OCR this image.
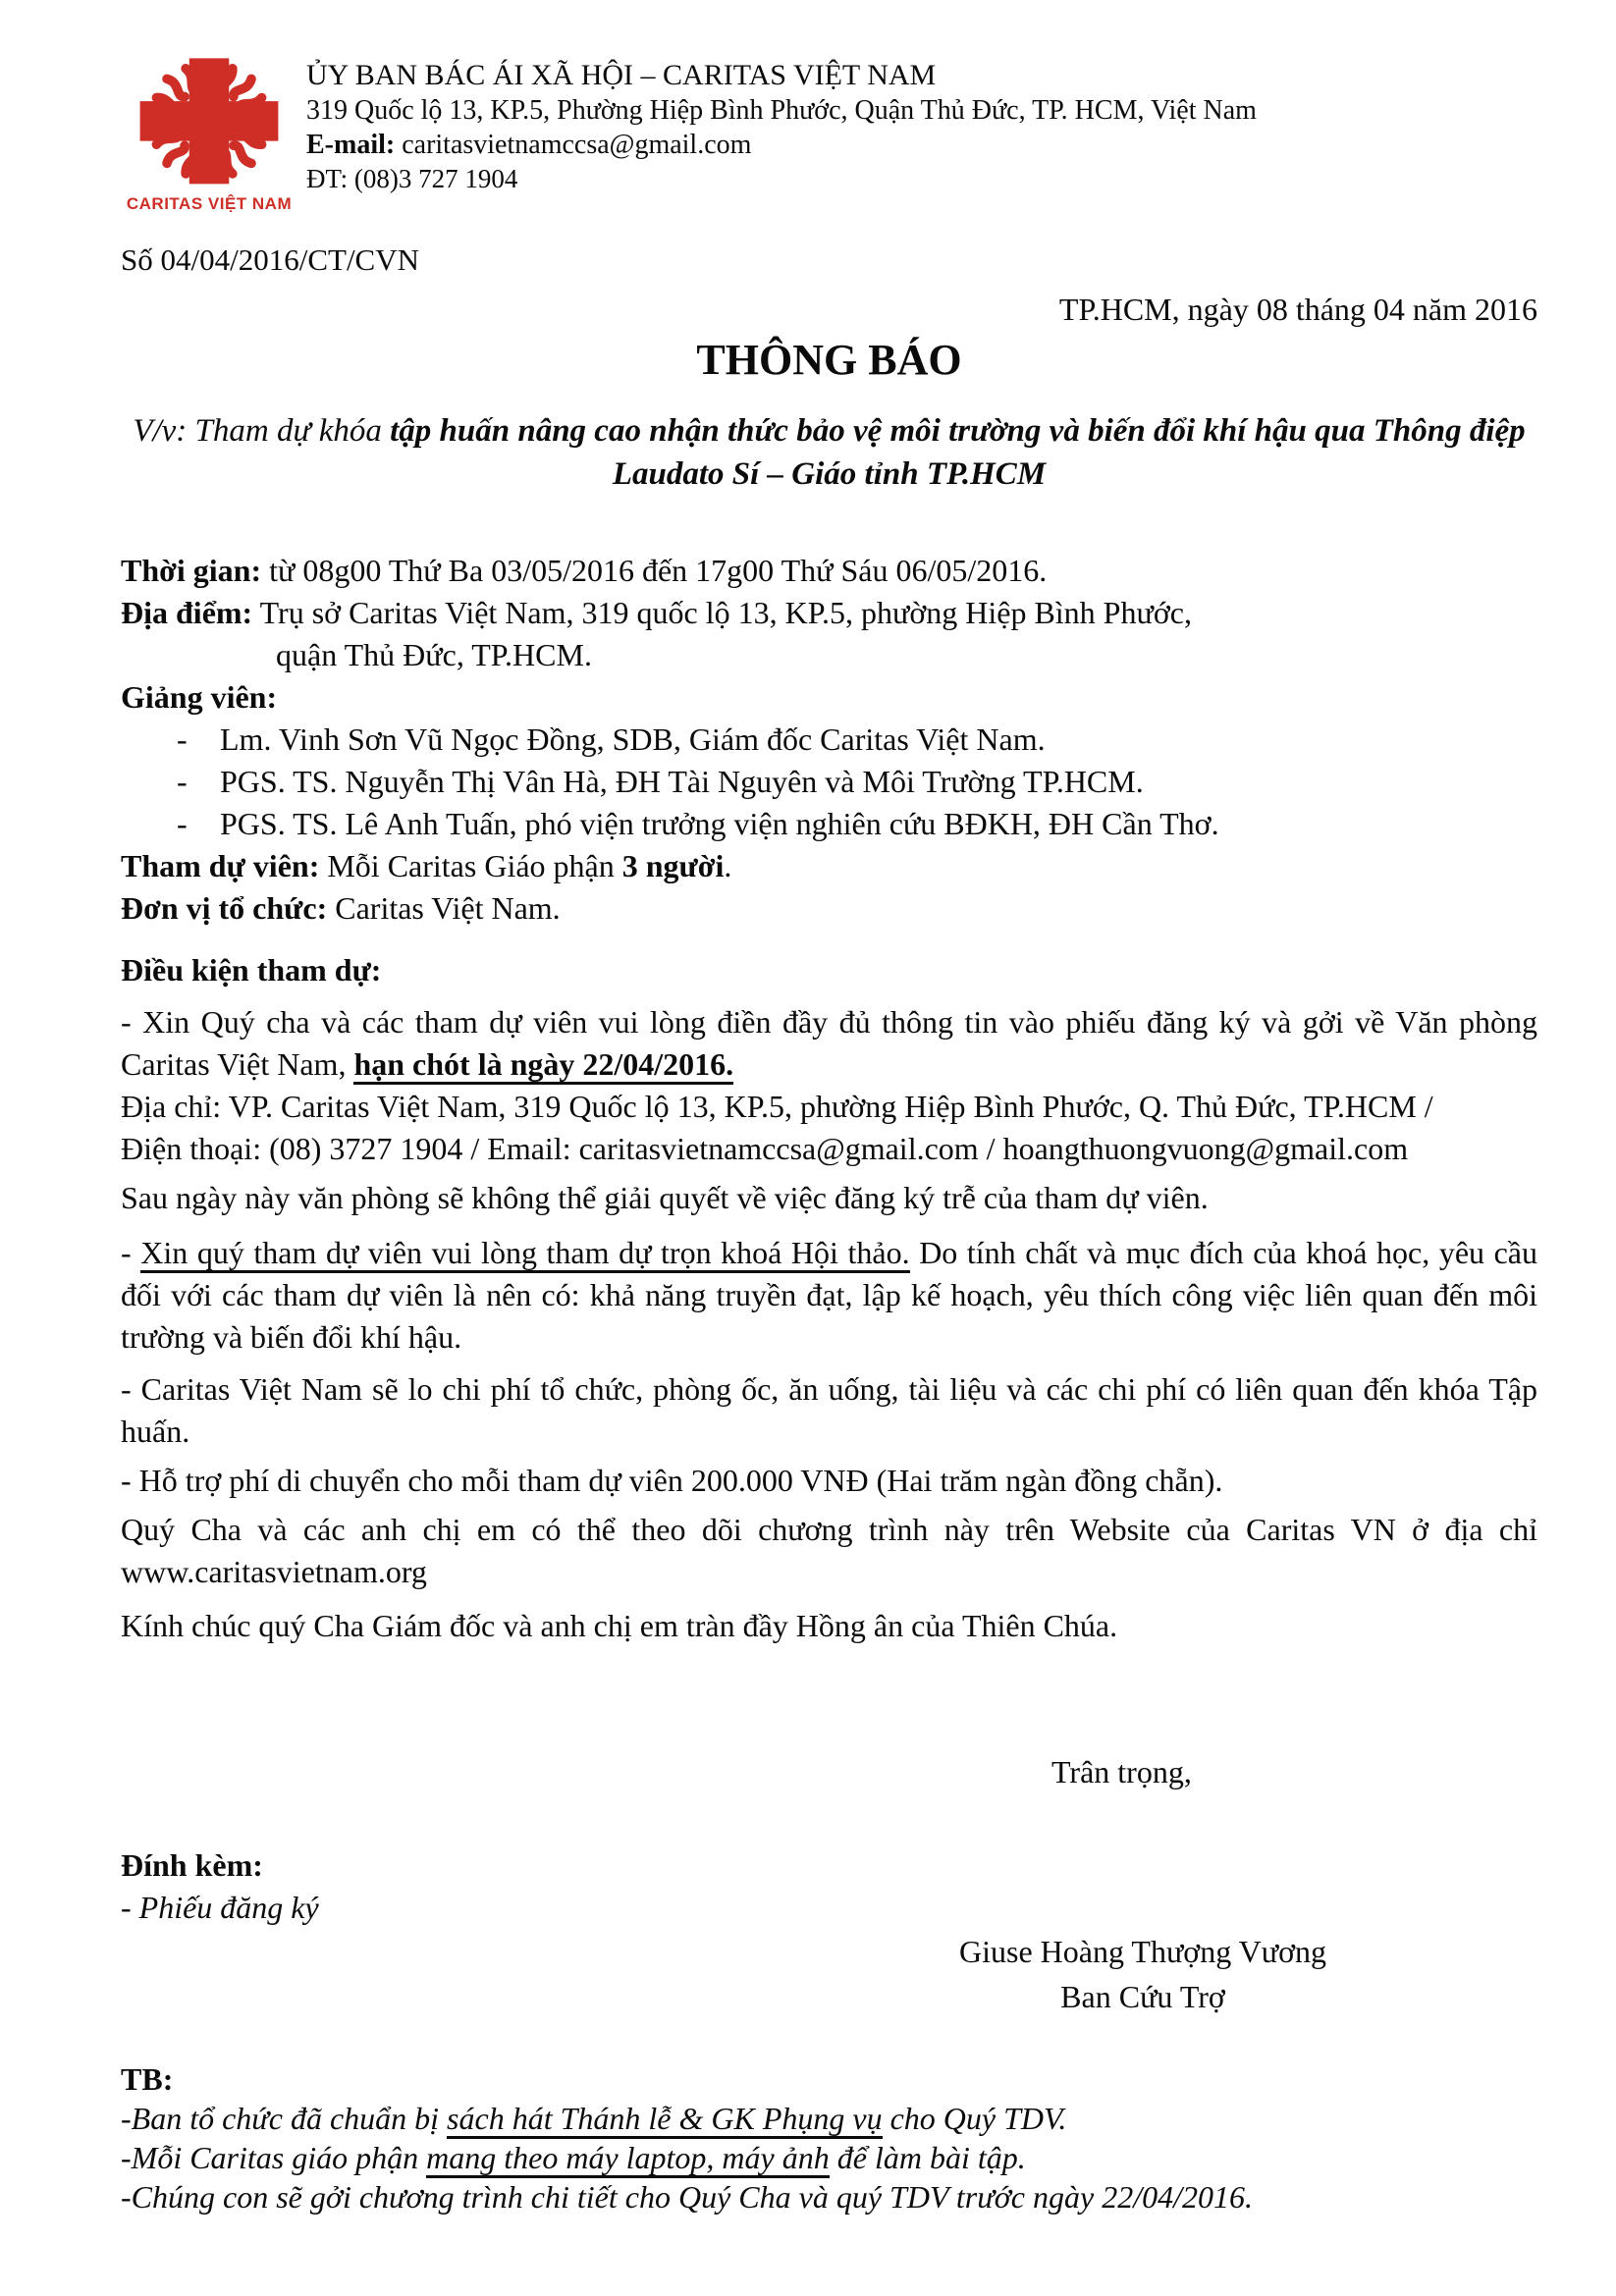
CARITAS VIỆT NAM
ỦY BAN BÁC ÁI XÃ HỘI – CARITAS VIỆT NAM
319 Quốc lộ 13, KP.5, Phường Hiệp Bình Phước, Quận Thủ Đức, TP. HCM, Việt Nam
E-mail: caritasvietnamccsa@gmail.com
ĐT: (08)3 727 1904
Số 04/04/2016/CT/CVN
TP.HCM, ngày 08 tháng 04 năm 2016
THÔNG BÁO
V/v: Tham dự khóa tập huấn nâng cao nhận thức bảo vệ môi trường và biến đổi khí hậu qua Thông điệp Laudato Sí – Giáo tỉnh TP.HCM
Thời gian: từ 08g00 Thứ Ba 03/05/2016 đến 17g00 Thứ Sáu 06/05/2016.
Địa điểm: Trụ sở Caritas Việt Nam, 319 quốc lộ 13, KP.5, phường Hiệp Bình Phước,
quận Thủ Đức, TP.HCM.
Giảng viên:
- Lm. Vinh Sơn Vũ Ngọc Đồng, SDB, Giám đốc Caritas Việt Nam.
- PGS. TS. Nguyễn Thị Vân Hà, ĐH Tài Nguyên và Môi Trường TP.HCM.
- PGS. TS. Lê Anh Tuấn, phó viện trưởng viện nghiên cứu BĐKH, ĐH Cần Thơ.
Tham dự viên: Mỗi Caritas Giáo phận 3 người.
Đơn vị tổ chức: Caritas Việt Nam.
Điều kiện tham dự:
- Xin Quý cha và các tham dự viên vui lòng điền đầy đủ thông tin vào phiếu đăng ký và gởi về Văn phòng Caritas Việt Nam, hạn chót là ngày 22/04/2016.
Địa chỉ: VP. Caritas Việt Nam, 319 Quốc lộ 13, KP.5, phường Hiệp Bình Phước, Q. Thủ Đức, TP.HCM /
Điện thoại: (08) 3727 1904 / Email: caritasvietnamccsa@gmail.com / hoangthuongvuong@gmail.com
Sau ngày này văn phòng sẽ không thể giải quyết về việc đăng ký trễ của tham dự viên.
- Xin quý tham dự viên vui lòng tham dự trọn khoá Hội thảo. Do tính chất và mục đích của khoá học, yêu cầu đối với các tham dự viên là nên có: khả năng truyền đạt, lập kế hoạch, yêu thích công việc liên quan đến môi trường và biến đổi khí hậu.
- Caritas Việt Nam sẽ lo chi phí tổ chức, phòng ốc, ăn uống, tài liệu và các chi phí có liên quan đến khóa Tập huấn.
- Hỗ trợ phí di chuyển cho mỗi tham dự viên 200.000 VNĐ (Hai trăm ngàn đồng chẵn).
Quý Cha và các anh chị em có thể theo dõi chương trình này trên Website của Caritas VN ở địa chỉ www.caritasvietnam.org
Kính chúc quý Cha Giám đốc và anh chị em tràn đầy Hồng ân của Thiên Chúa.
Trân trọng,
Đính kèm:
- Phiếu đăng ký
Giuse Hoàng Thượng Vương
Ban Cứu Trợ
TB:
-Ban tổ chức đã chuẩn bị sách hát Thánh lễ & GK Phụng vụ cho Quý TDV.
-Mỗi Caritas giáo phận mang theo máy laptop, máy ảnh để làm bài tập.
-Chúng con sẽ gởi chương trình chi tiết cho Quý Cha và quý TDV trước ngày 22/04/2016.
